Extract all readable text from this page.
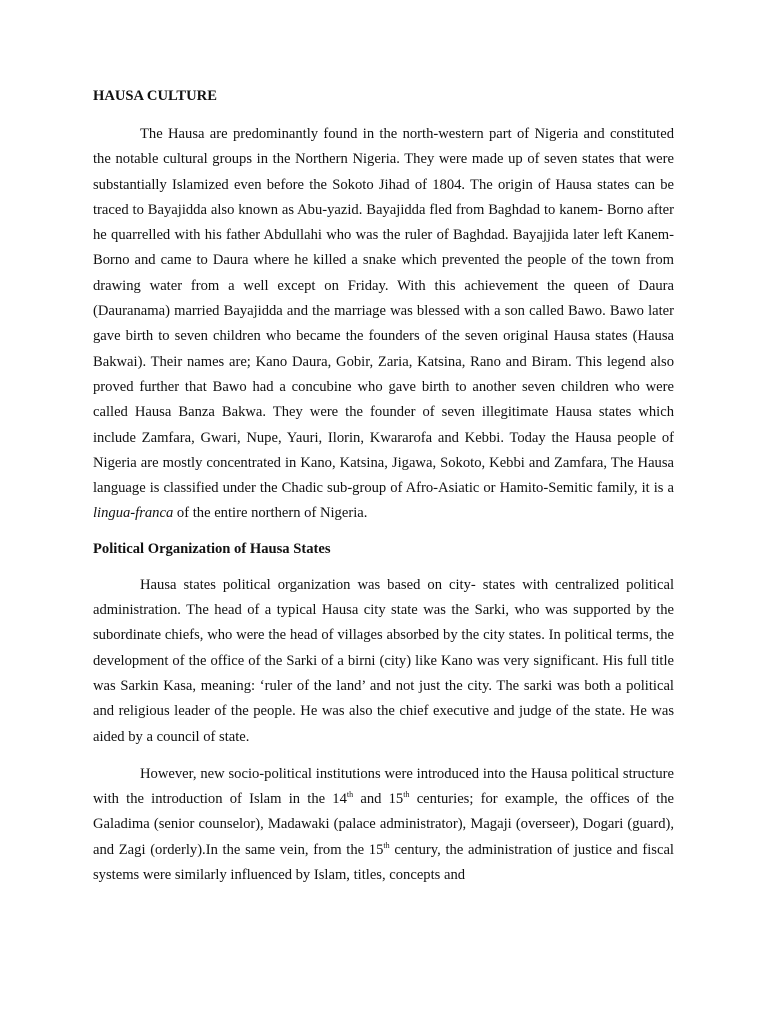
HAUSA CULTURE

The Hausa are predominantly found in the north-western part of Nigeria and constituted the notable cultural groups in the Northern Nigeria. They were made up of seven states that were substantially Islamized even before the Sokoto Jihad of 1804. The origin of Hausa states can be traced to Bayajidda also known as Abu-yazid. Bayajidda fled from Baghdad to kanem- Borno after he quarrelled with his father Abdullahi who was the ruler of Baghdad. Bayajjida later left Kanem-Borno and came to Daura where he killed a snake which prevented the people of the town from drawing water from a well except on Friday. With this achievement the queen of Daura (Dauranama) married Bayajidda and the marriage was blessed with a son called Bawo. Bawo later gave birth to seven children who became the founders of the seven original Hausa states (Hausa Bakwai). Their names are; Kano Daura, Gobir, Zaria, Katsina, Rano and Biram. This legend also proved further that Bawo had a concubine who gave birth to another seven children who were called Hausa Banza Bakwa. They were the founder of seven illegitimate Hausa states which include Zamfara, Gwari, Nupe, Yauri, Ilorin, Kwararofa and Kebbi. Today the Hausa people of Nigeria are mostly concentrated in Kano, Katsina, Jigawa, Sokoto, Kebbi and Zamfara, The Hausa language is classified under the Chadic sub-group of Afro-Asiatic or Hamito-Semitic family, it is a lingua-franca of the entire northern of Nigeria.

Political Organization of Hausa States

Hausa states political organization was based on city- states with centralized political administration. The head of a typical Hausa city state was the Sarki, who was supported by the subordinate chiefs, who were the head of villages absorbed by the city states. In political terms, the development of the office of the Sarki of a birni (city) like Kano was very significant. His full title was Sarkin Kasa, meaning: ‘ruler of the land’ and not just the city. The sarki was both a political and religious leader of the people. He was also the chief executive and judge of the state. He was aided by a council of state.

However, new socio-political institutions were introduced into the Hausa political structure with the introduction of Islam in the 14th and 15th centuries; for example, the offices of the Galadima (senior counselor), Madawaki (palace administrator), Magaji (overseer), Dogari (guard), and Zagi (orderly).In the same vein, from the 15th century, the administration of justice and fiscal systems were similarly influenced by Islam, titles, concepts and
